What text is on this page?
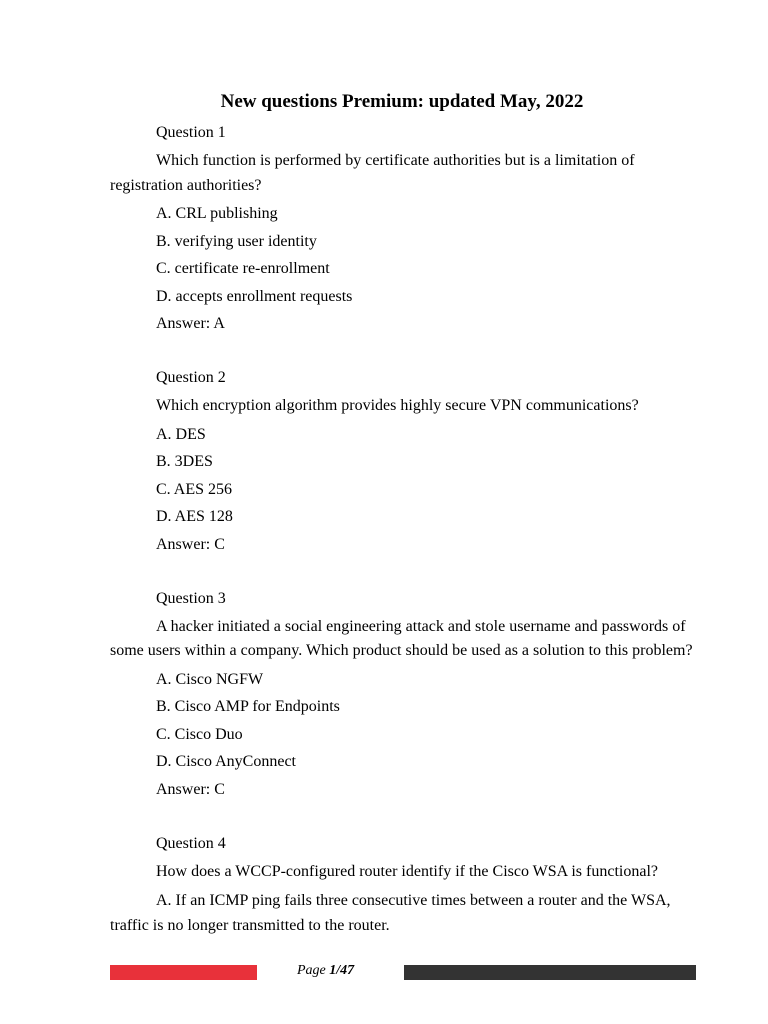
New questions Premium: updated May, 2022

Question 1

Which function is performed by certificate authorities but is a limitation of registration authorities?

A. CRL publishing

B. verifying user identity

C. certificate re-enrollment

D. accepts enrollment requests

Answer: A

Question 2

Which encryption algorithm provides highly secure VPN communications?

A. DES

B. 3DES

C. AES 256

D. AES 128

Answer: C

Question 3

A hacker initiated a social engineering attack and stole username and passwords of some users within a company. Which product should be used as a solution to this problem?

A. Cisco NGFW

B. Cisco AMP for Endpoints

C. Cisco Duo

D. Cisco AnyConnect

Answer: C

Question 4

How does a WCCP-configured router identify if the Cisco WSA is functional?

A. If an ICMP ping fails three consecutive times between a router and the WSA, traffic is no longer transmitted to the router.

Page 1/47
